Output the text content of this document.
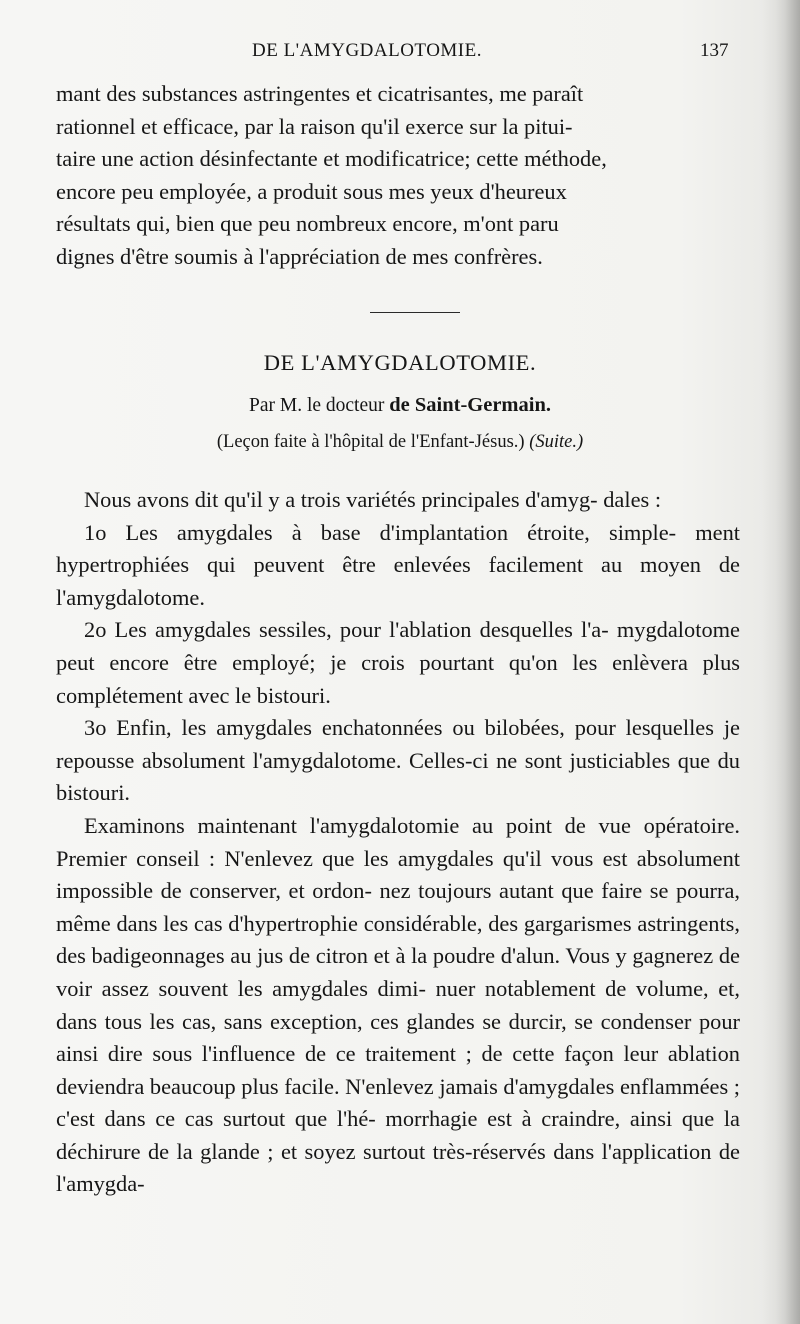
DE L'AMYGDALOTOMIE.	137

mant des substances astringentes et cicatrisantes, me paraît

rationnel et efficace, par la raison qu'il exerce sur la pitui-

taire une action désinfectante et modificatrice; cette méthode,

encore peu employée, a produit sous mes yeux d'heureux

résultats qui, bien que peu nombreux encore, m'ont paru

dignes d'être soumis à l'appréciation de mes confrères.

DE L'AMYGDALOTOMIE.
Par M. le docteur de Saint-Germain.
(Leçon faite à l'hôpital de l'Enfant-Jésus.) (Suite.)

Nous avons dit qu'il y a trois variétés principales d'amyg- dales :

1o Les amygdales à base d'implantation étroite, simple- ment hypertrophiées qui peuvent être enlevées facilement au moyen de l'amygdalotome.

2o Les amygdales sessiles, pour l'ablation desquelles l'a- mygdalotome peut encore être employé; je crois pourtant qu'on les enlèvera plus complétement avec le bistouri.

3o Enfin, les amygdales enchatonnées ou bilobées, pour lesquelles je repousse absolument l'amygdalotome. Celles-ci ne sont justiciables que du bistouri.

Examinons maintenant l'amygdalotomie au point de vue opératoire. Premier conseil : N'enlevez que les amygdales qu'il vous est absolument impossible de conserver, et ordon- nez toujours autant que faire se pourra, même dans les cas d'hypertrophie considérable, des gargarismes astringents, des badigeonnages au jus de citron et à la poudre d'alun. Vous y gagnerez de voir assez souvent les amygdales dimi- nuer notablement de volume, et, dans tous les cas, sans exception, ces glandes se durcir, se condenser pour ainsi dire sous l'influence de ce traitement ; de cette façon leur ablation deviendra beaucoup plus facile. N'enlevez jamais d'amygdales enflammées ; c'est dans ce cas surtout que l'hé- morrhagie est à craindre, ainsi que la déchirure de la glande ; et soyez surtout très-réservés dans l'application de l'amygda-
